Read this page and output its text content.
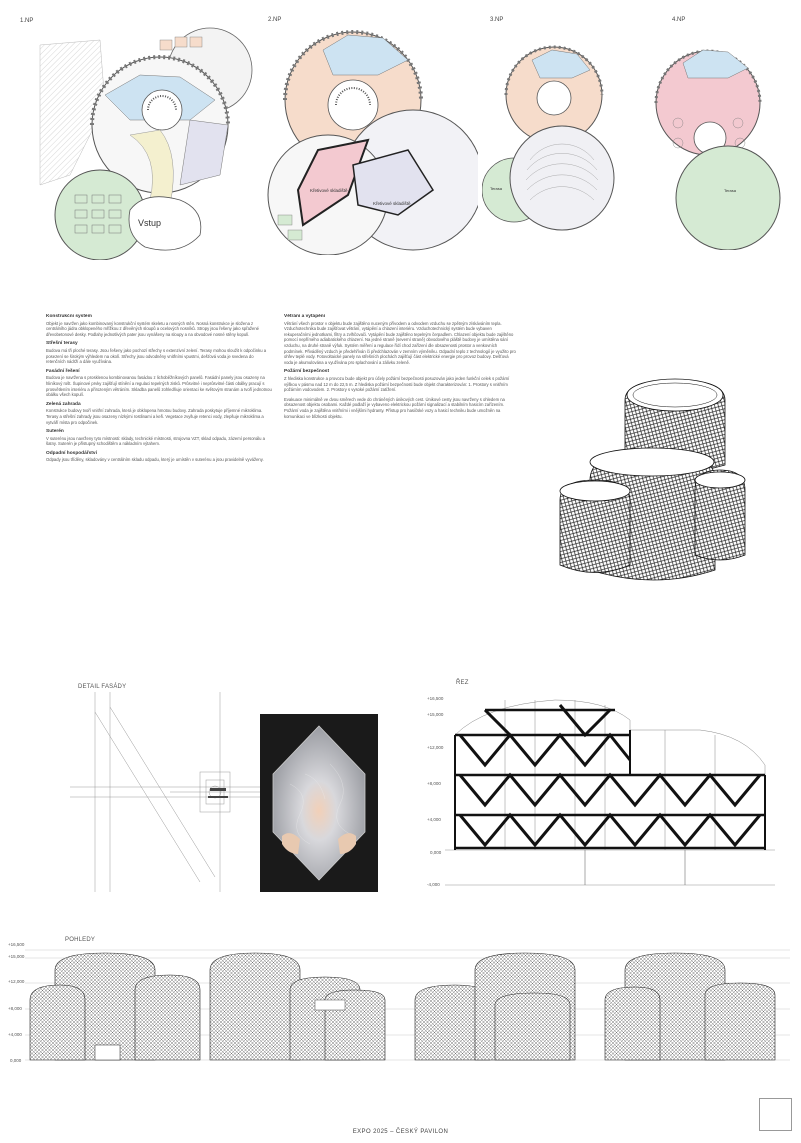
1.NP	2.NP	3.NP	4.NP
Vstup
Křetivové skladiště
Křetivové skladiště
Terasa	Terasa
Konstrukční systém

Objekt je navržen jako kombinovaný konstrukční systém skeletu a nosných stěn. Nosná konstrukce je složena z centrálního jádra obklopeného mřížkou z dřevěných sloupů a ocelových nosníků. Stropy jsou řešeny jako spřažené dřevobetonové desky. Podlahy jednotlivých pater jsou vynášeny na sloupy a na obvodové nosné stěny kopulí.

Střešní terasy

Budova má tři ploché terasy. Jsou řešeny jako pochozí střechy s extenzivní zelení. Terasy mohou sloužit k odpočinku a posezení se širokým výhledem na okolí. Střechy jsou odvodněny vnitřními vpustmi, dešťová voda je svedena do retenčních nádrží a dále využívána.

Fasádní řešení

Budova je navržena s prosklenou kombinovanou fasádou z lichoběžníkových panelů. Fasádní panely jsou osazeny na hliníkový rošt. Šupinové prvky zajišťují stínění a regulaci tepelných zisků. Průsvitné i neprůsvitné části obálky pracují s prosvětlením interiéru a přirozeným větráním. Skladba panelů zohledňuje orientaci ke světovým stranám a tvoří jednotnou obálku všech kopulí.

Zelená zahrada

Konstrukce budovy tvoří vnitřní zahrada, která je obklopena hmotou budovy. Zahrada poskytuje příjemné mikroklima. Terasy a střešní zahrady jsou osazeny nízkými rostlinami a keři. Vegetace zvyšuje retenci vody, zlepšuje mikroklima a vytváří místa pro odpočinek.

Suterén

V suterénu jsou navrženy tyto místnosti: sklady, technické místnosti, strojovna VZT, sklad odpadu, zázemí personálu a šatny. Suterén je přístupný schodištěm a nákladním výtahem.

Odpadní hospodářství

Odpady jsou tříděny, skladovány v centrálním skladu odpadu, který je umístěn v suterénu a jsou pravidelně vyváženy.

Větrání a vytápění

Větrání všech prostor v objektu bude zajištěno nuceným přívodem a odvodem vzduchu se zpětným získáváním tepla. Vzduchotechnika bude zajišťovat větrání, vytápění a chlazení interiéru. Vzduchotechnický systém bude vybaven rekuperačními jednotkami, filtry a zvlhčovači. Vytápění bude zajištěno tepelným čerpadlem. Chlazení objektu bude zajištěno pomocí nepřímého adiabatického chlazení. Na jedné straně (severní straně) obvodového pláště budovy je umístěna sání vzduchu, na druhé straně výfuk. Systém měření a regulace řídí chod zařízení dle obsazenosti prostor a venkovních podmínek. Přiváděný vzduch je předehříván či předchlazován v zemním výměníku. Odpadní teplo z technologií je využito pro ohřev teplé vody. Fotovoltaické panely na střešních plochách zajišťují část elektrické energie pro provoz budovy. Dešťová voda je akumulována a využívána pro splachování a zálivku zeleně.

Požární bezpečnost

Z hlediska konstrukce a provozu bude objekt pro účely požární bezpečnosti posuzován jako jeden funkční celek s požární výškou v pásmu nad 12 m do 22,5 m. Z hlediska požární bezpečnosti bude objekt charakterizován: 1. Prostory s vnitřním požárním vodovodem. 2. Prostory s vysoké požární zatížení.

Evakuace minimálně ve dvou směrech vede do chráněných únikových cest. Únikové cesty jsou navrženy s ohledem na obsazenost objektu osobami. Každé podlaží je vybaveno elektrickou požární signalizací a stabilním hasicím zařízením. Požární voda je zajištěna vnitřními i vnějšími hydranty. Přístup pro hasičské vozy a hasicí techniku bude umožněn na komunikaci ve blízkosti objektu.

DETAIL FASÁDY
ŘEZ
+16,500
+15,000
+12,000
+8,000
+4,000
0,000
-4,000
POHLEDY
+16,500
+15,000
+12,000
+8,000
+4,000
0,000
EXPO 2025 – ČESKÝ PAVILON
